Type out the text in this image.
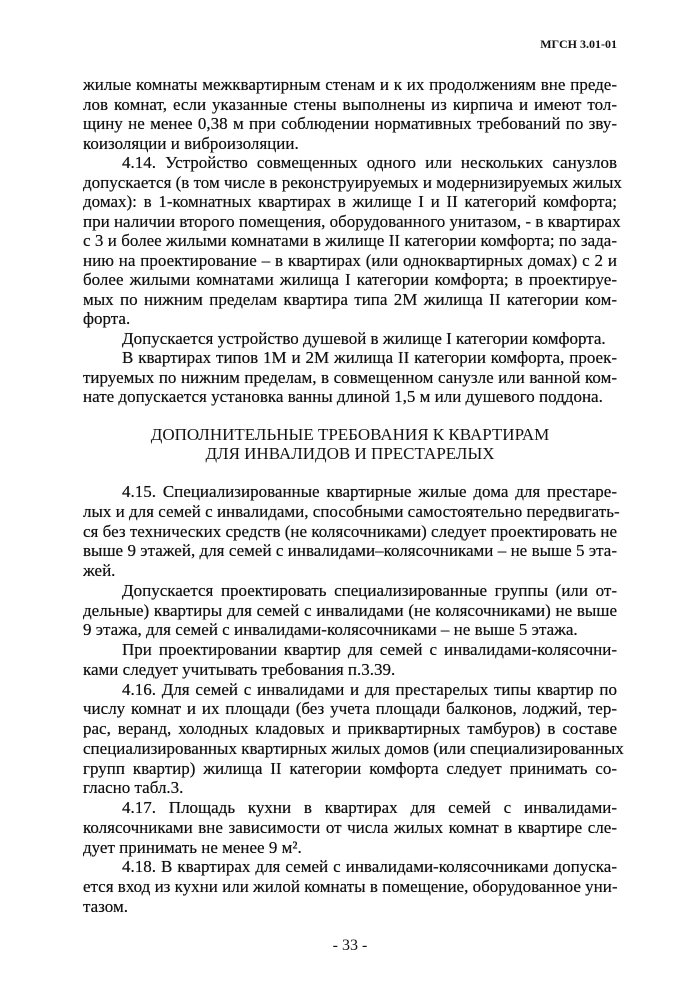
МГСН 3.01-01
жилые комнаты межквартирным стенам и к их продолжениям вне преде-
лов комнат, если указанные стены выполнены из кирпича и имеют тол-
щину не менее 0,38 м при соблюдении нормативных требований по зву-
коизоляции и виброизоляции.
4.14. Устройство совмещенных одного или нескольких санузлов
допускается (в том числе в реконструируемых и модернизируемых жилых
домах): в 1-комнатных квартирах в жилище I и II категорий комфорта;
при наличии второго помещения, оборудованного унитазом, - в квартирах
с 3 и более жилыми комнатами в жилище II категории комфорта; по зада-
нию на проектирование – в квартирах (или одноквартирных домах) с 2 и
более жилыми комнатами жилища I категории комфорта; в проектируе-
мых по нижним пределам квартира типа 2М жилища II категории ком-
форта.
Допускается устройство душевой в жилище I категории комфорта.
В квартирах типов 1М и 2М жилища II категории комфорта, проек-
тируемых по нижним пределам, в совмещенном санузле или ванной ком-
нате допускается установка ванны длиной 1,5 м или душевого поддона.
ДОПОЛНИТЕЛЬНЫЕ ТРЕБОВАНИЯ К КВАРТИРАМ
ДЛЯ ИНВАЛИДОВ И ПРЕСТАРЕЛЫХ
4.15. Специализированные квартирные жилые дома для престаре-
лых и для семей с инвалидами, способными самостоятельно передвигать-
ся без технических средств (не колясочниками) следует проектировать не
выше 9 этажей, для семей с инвалидами–колясочниками – не выше 5 эта-
жей.
Допускается проектировать специализированные группы (или от-
дельные) квартиры для семей с инвалидами (не колясочниками) не выше
9 этажа, для семей с инвалидами-колясочниками – не выше 5 этажа.
При проектировании квартир для семей с инвалидами-колясочни-
ками следует учитывать требования п.3.39.
4.16. Для семей с инвалидами и для престарелых типы квартир по
числу комнат и их площади (без учета площади балконов, лоджий, тер-
рас, веранд, холодных кладовых и приквартирных тамбуров) в составе
специализированных квартирных жилых домов (или специализированных
групп квартир) жилища II категории комфорта следует принимать со-
гласно табл.3.
4.17. Площадь кухни в квартирах для семей с инвалидами-
колясочниками вне зависимости от числа жилых комнат в квартире сле-
дует принимать не менее 9 м².
4.18. В квартирах для семей с инвалидами-колясочниками допуска-
ется вход из кухни или жилой комнаты в помещение, оборудованное уни-
тазом.
- 33 -
